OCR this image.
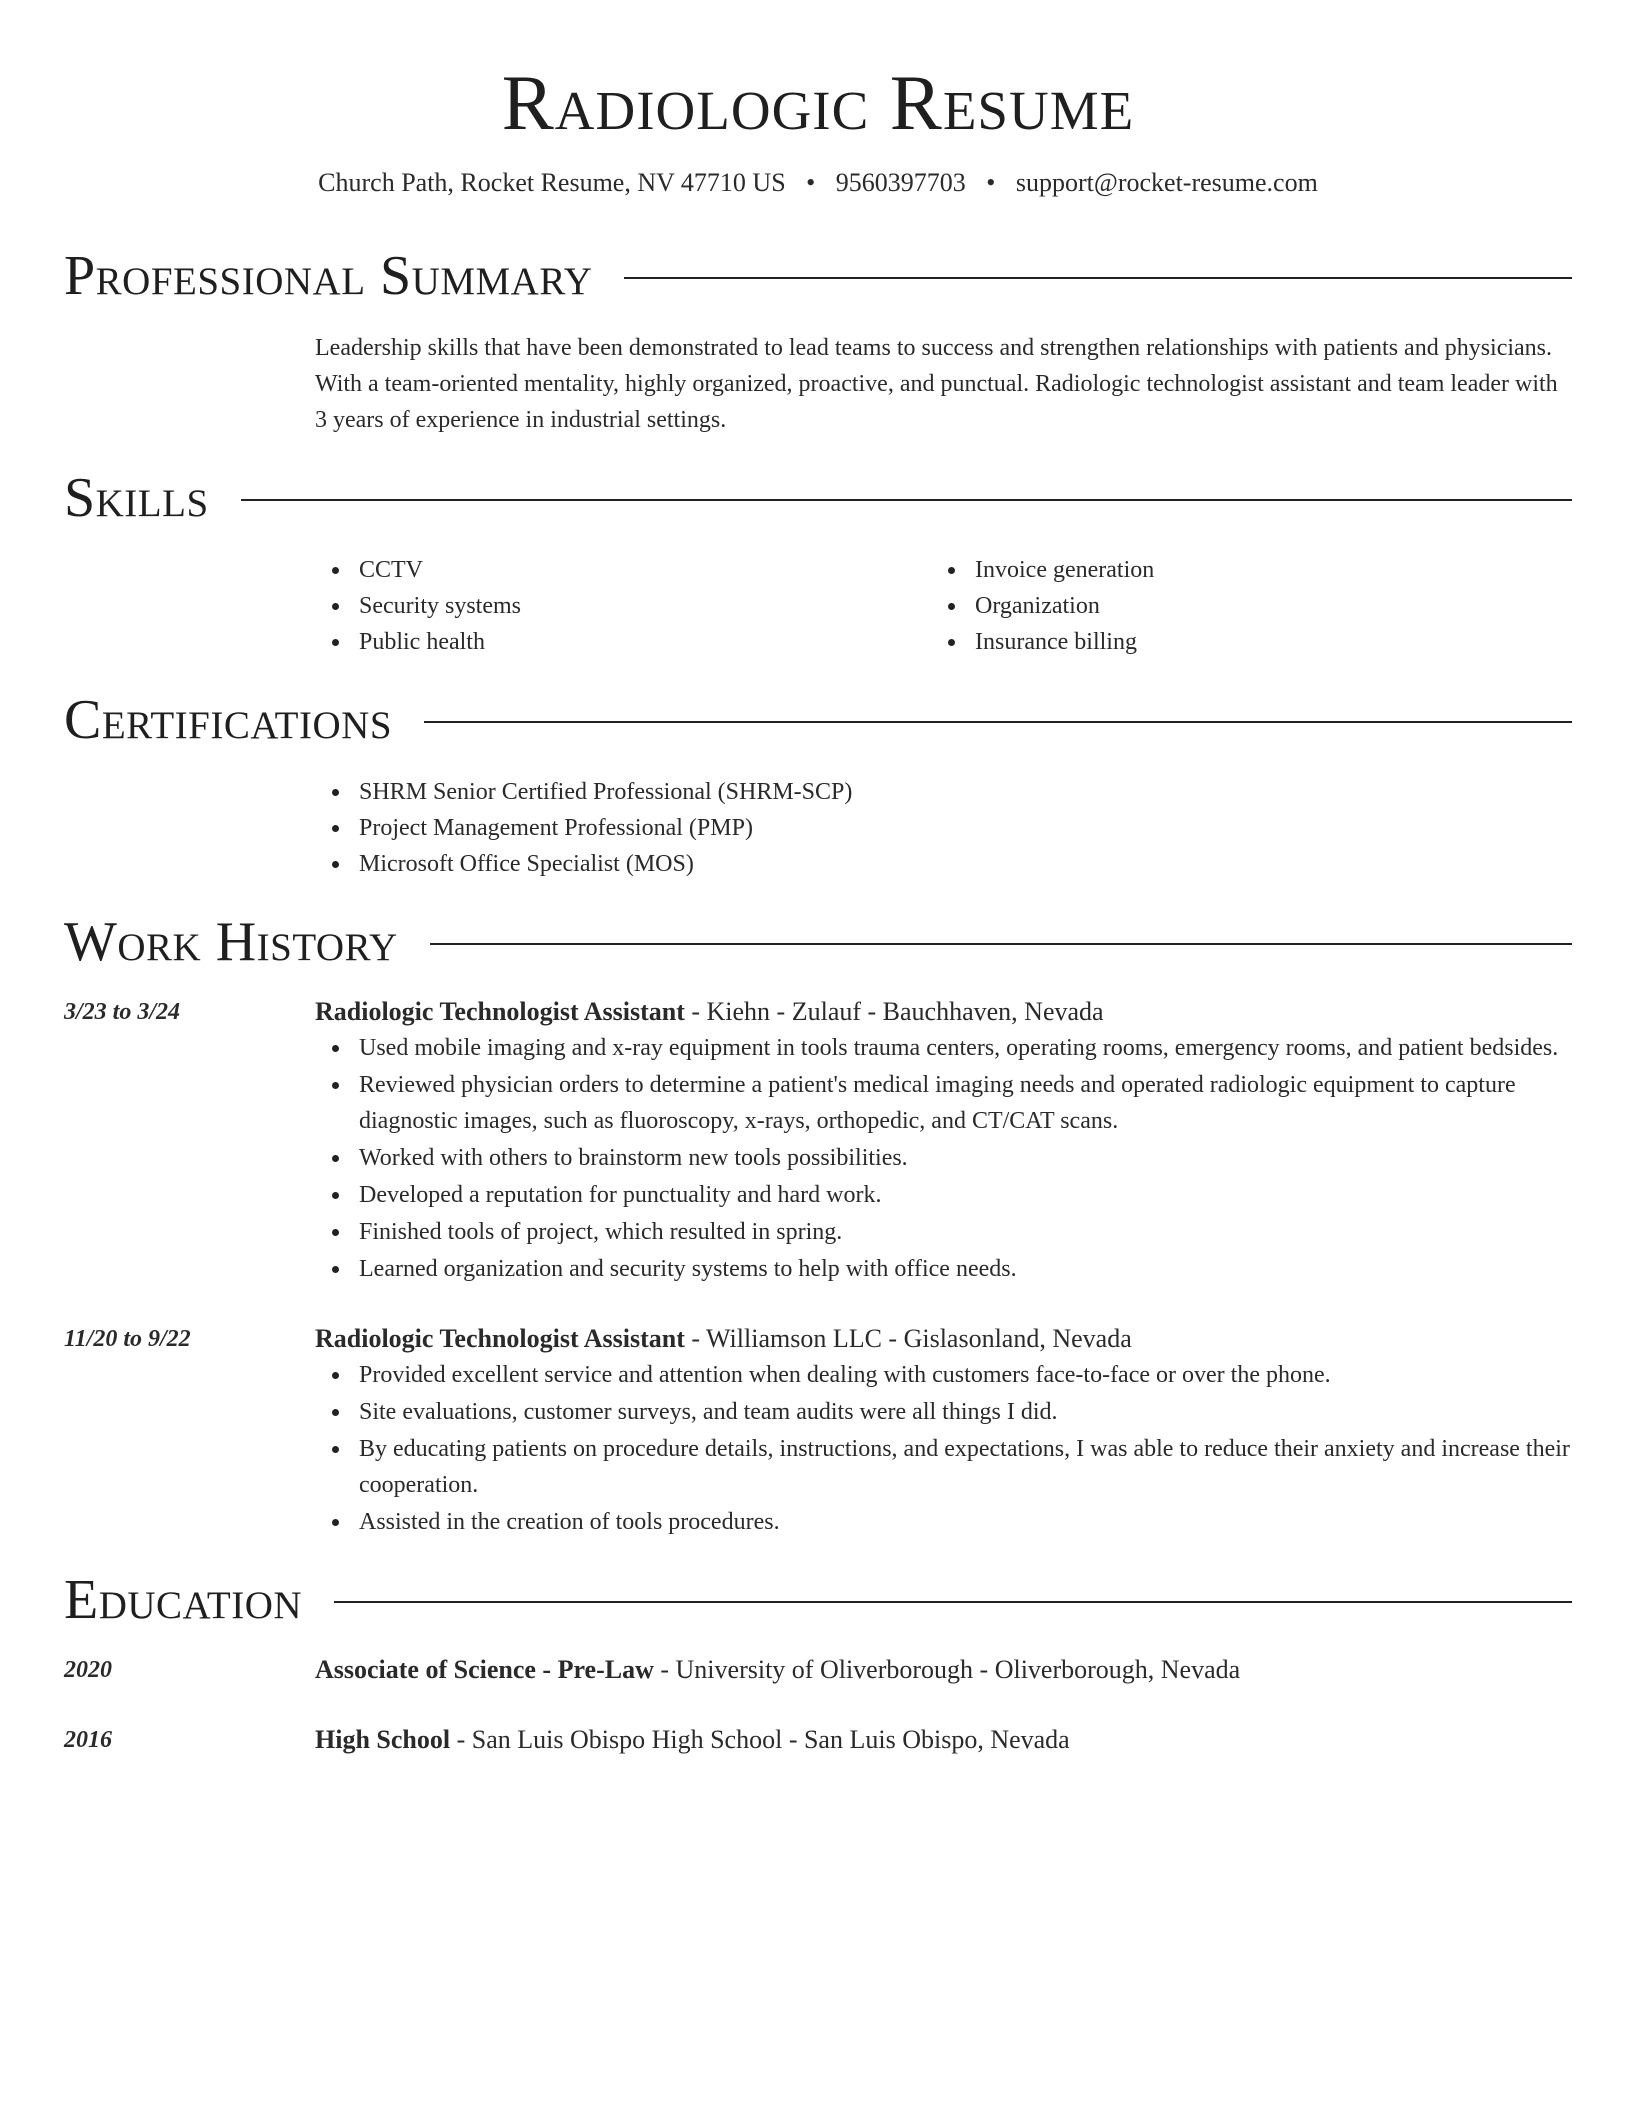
Radiologic Resume
Church Path, Rocket Resume, NV 47710 US • 9560397703 • support@rocket-resume.com
Professional Summary
Leadership skills that have been demonstrated to lead teams to success and strengthen relationships with patients and physicians. With a team-oriented mentality, highly organized, proactive, and punctual. Radiologic technologist assistant and team leader with 3 years of experience in industrial settings.
Skills
CCTV
Security systems
Public health
Invoice generation
Organization
Insurance billing
Certifications
SHRM Senior Certified Professional (SHRM-SCP)
Project Management Professional (PMP)
Microsoft Office Specialist (MOS)
Work History
3/23 to 3/24	Radiologic Technologist Assistant - Kiehn - Zulauf - Bauchhaven, Nevada
Used mobile imaging and x-ray equipment in tools trauma centers, operating rooms, emergency rooms, and patient bedsides.
Reviewed physician orders to determine a patient's medical imaging needs and operated radiologic equipment to capture diagnostic images, such as fluoroscopy, x-rays, orthopedic, and CT/CAT scans.
Worked with others to brainstorm new tools possibilities.
Developed a reputation for punctuality and hard work.
Finished tools of project, which resulted in spring.
Learned organization and security systems to help with office needs.
11/20 to 9/22	Radiologic Technologist Assistant - Williamson LLC - Gislasonland, Nevada
Provided excellent service and attention when dealing with customers face-to-face or over the phone.
Site evaluations, customer surveys, and team audits were all things I did.
By educating patients on procedure details, instructions, and expectations, I was able to reduce their anxiety and increase their cooperation.
Assisted in the creation of tools procedures.
Education
2020	Associate of Science - Pre-Law - University of Oliverborough - Oliverborough, Nevada
2016	High School - San Luis Obispo High School - San Luis Obispo, Nevada
